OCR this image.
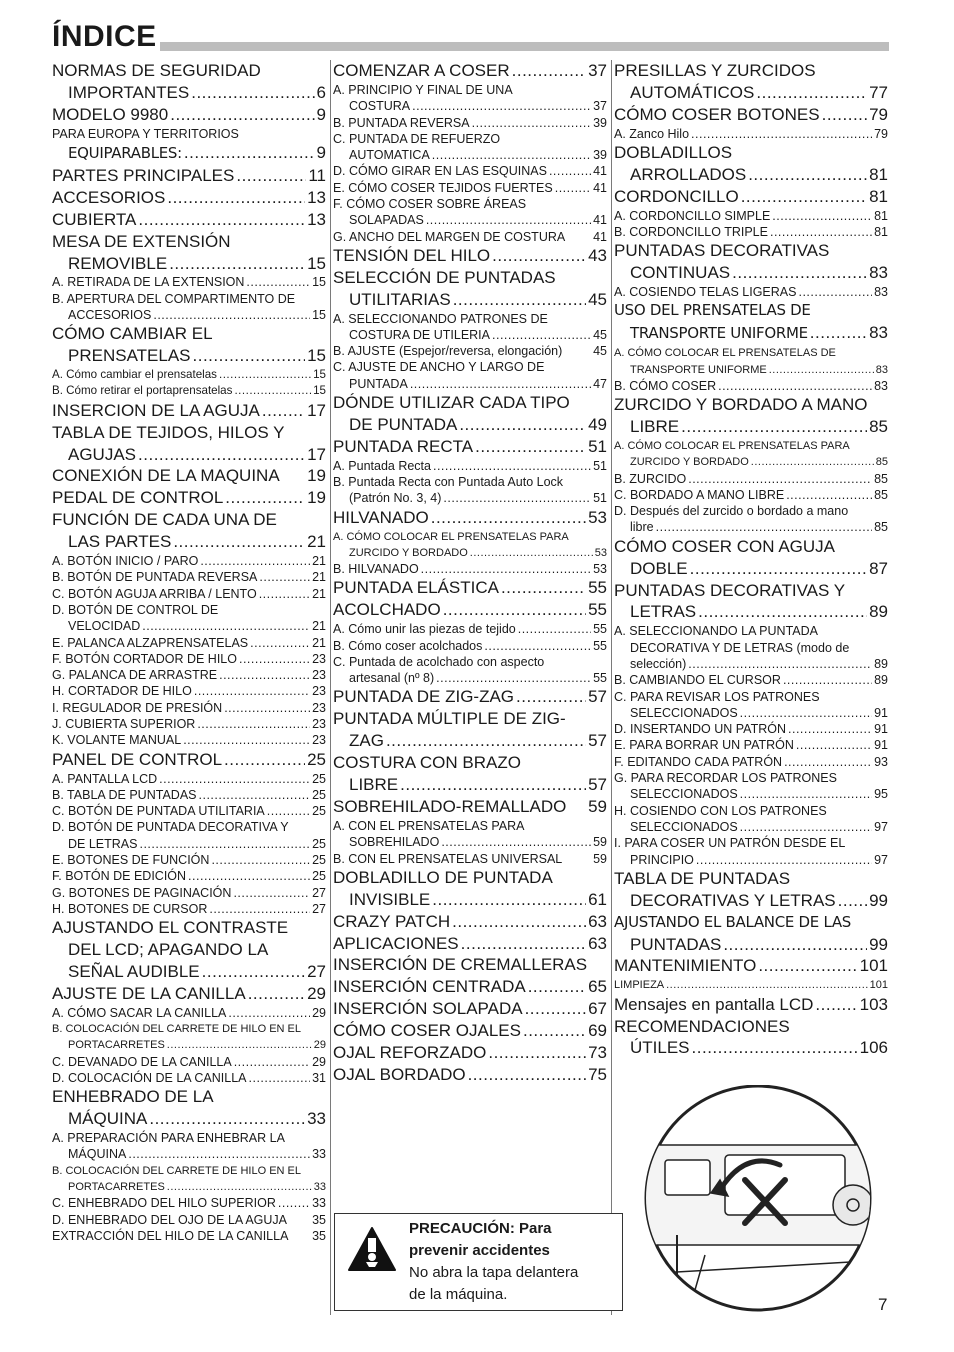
ÍNDICE
NORMAS DE SEGURIDAD
IMPORTANTES .....	6
MODELO 9980 .....	9
PARA EUROPA Y TERRITORIOS
EQUIPARABLES: .....	9
PARTES PRINCIPALES .....	11
ACCESORIOS .....	13
CUBIERTA .....	13
MESA DE EXTENSIÓN
REMOVIBLE .....	15
A. RETIRADA DE LA EXTENSION .....	15
B. APERTURA DEL COMPARTIMENTO DE
ACCESORIOS .....	15
CÓMO CAMBIAR EL
PRENSATELAS .....	15
A. Cómo cambiar el prensatelas .....	15
B. Cómo retirar el portaprensatelas .....	15
INSERCION DE LA AGUJA .....	17
TABLA DE TEJIDOS, HILOS Y
AGUJAS .....	17
CONEXIÓN DE LA MAQUINA 19
PEDAL DE CONTROL .....	19
FUNCIÓN DE CADA UNA DE
LAS PARTES .....	21
A. BOTÓN INICIO / PARO .....	21
B. BOTÓN DE PUNTADA REVERSA .....	21
C. BOTÓN AGUJA ARRIBA / LENTO .....	21
D. BOTÓN DE CONTROL DE
VELOCIDAD .....	21
E. PALANCA ALZAPRENSATELAS .....	21
F. BOTÓN CORTADOR DE HILO .....	23
G. PALANCA DE ARRASTRE .....	23
H. CORTADOR DE HILO .....	23
I. REGULADOR DE PRESIÓN .....	23
J. CUBIERTA SUPERIOR .....	23
K. VOLANTE MANUAL .....	23
PANEL DE CONTROL .....	25
A. PANTALLA LCD .....	25
B. TABLA DE PUNTADAS .....	25
C. BOTÓN DE PUNTADA UTILITARIA .....	25
D. BOTÓN DE PUNTADA DECORATIVA Y
DE LETRAS .....	25
E. BOTONES DE FUNCIÓN .....	25
F. BOTÓN DE EDICIÓN .....	25
G. BOTONES DE PAGINACIÓN .....	27
H. BOTONES DE CURSOR .....	27
AJUSTANDO EL CONTRASTE
DEL LCD; APAGANDO LA
SEÑAL AUDIBLE .....	27
AJUSTE DE LA CANILLA .....	29
A. CÓMO SACAR LA CANILLA .....	29
B. COLOCACIÓN DEL CARRETE DE HILO EN EL
PORTACARRETES .....	29
C. DEVANADO DE LA CANILLA .....	29
D. COLOCACIÓN DE LA CANILLA .....	31
ENHEBRADO DE LA
MÁQUINA .....	33
A. PREPARACIÓN PARA ENHEBRAR LA
MÁQUINA .....	33
B. COLOCACIÓN DEL CARRETE DE HILO EN EL
PORTACARRETES .....	33
C. ENHEBRADO DEL HILO SUPERIOR .....	33
D. ENHEBRADO DEL OJO DE LA AGUJA 35
EXTRACCIÓN DEL HILO DE LA CANILLA 35
COMENZAR A COSER .....	37
A. PRINCIPIO Y FINAL DE UNA
COSTURA .....	37
B. PUNTADA REVERSA .....	39
C. PUNTADA DE REFUERZO
AUTOMATICA .....	39
D. CÓMO GIRAR EN LAS ESQUINAS .....	41
E. CÓMO COSER TEJIDOS FUERTES .....	41
F. CÓMO COSER SOBRE ÁREAS
SOLAPADAS .....	41
G. ANCHO DEL MARGEN DE COSTURA 41
TENSIÓN DEL HILO .....	43
SELECCIÓN DE PUNTADAS
UTILITARIAS .....	45
A. SELECCIONANDO PATRONES DE
COSTURA DE UTILERIA .....	45
B. AJUSTE (Espejor/reversa, elongación) 45
C. AJUSTE DE ANCHO Y LARGO DE
PUNTADA .....	47
DÓNDE UTILIZAR CADA TIPO
DE PUNTADA .....	49
PUNTADA RECTA .....	51
A. Puntada Recta .....	51
B. Puntada Recta con Puntada Auto Lock
(Patrón No. 3, 4) .....	51
HILVANADO .....	53
A. CÓMO COLOCAR EL PRENSATELAS PARA
ZURCIDO Y BORDADO .....	53
B. HILVANADO .....	53
PUNTADA ELÁSTICA .....	55
ACOLCHADO .....	55
A. Cómo unir las piezas de tejido .....	55
B. Cómo coser acolchados .....	55
C. Puntada de acolchado con aspecto
artesanal (nº 8) .....	55
PUNTADA DE ZIG-ZAG .....	57
PUNTADA MÚLTIPLE DE ZIG-
ZAG .....	57
COSTURA CON BRAZO
LIBRE .....	57
SOBREHILADO-REMALLADO 59
A. CON EL PRENSATELAS PARA
SOBREHILADO .....	59
B. CON EL PRENSATELAS UNIVERSAL 59
DOBLADILLO DE PUNTADA
INVISIBLE .....	61
CRAZY PATCH .....	63
APLICACIONES .....	63
INSERCIÓN DE CREMALLERAS
INSERCIÓN CENTRADA .....	65
INSERCIÓN SOLAPADA .....	67
CÓMO COSER OJALES .....	69
OJAL REFORZADO .....	73
OJAL BORDADO .....	75
PRESILLAS Y ZURCIDOS
AUTOMÁTICOS .....	77
CÓMO COSER BOTONES .....	79
A. Zanco Hilo .....	79
DOBLADILLOS
ARROLLADOS .....	81
CORDONCILLO .....	81
A. CORDONCILLO SIMPLE .....	81
B. CORDONCILLO TRIPLE .....	81
PUNTADAS DECORATIVAS
CONTINUAS .....	83
A. COSIENDO TELAS LIGERAS .....	83
USO DEL PRENSATELAS DE
TRANSPORTE UNIFORME .....	83
A. CÓMO COLOCAR EL PRENSATELAS DE
TRANSPORTE UNIFORME .....	83
B. CÓMO COSER .....	83
ZURCIDO Y BORDADO A MANO
LIBRE .....	85
A. CÓMO COLOCAR EL PRENSATELAS PARA
ZURCIDO Y BORDADO .....	85
B. ZURCIDO .....	85
C. BORDADO A MANO LIBRE .....	85
D. Después del zurcido o bordado a mano
libre .....	85
CÓMO COSER CON AGUJA
DOBLE .....	87
PUNTADAS DECORATIVAS Y
LETRAS .....	89
A. SELECCIONANDO LA PUNTADA
DECORATIVA Y DE LETRAS (modo de
selección) .....	89
B. CAMBIANDO EL CURSOR .....	89
C. PARA REVISAR LOS PATRONES
SELECCIONADOS .....	91
D. INSERTANDO UN PATRÓN .....	91
E. PARA BORRAR UN PATRÓN .....	91
F. EDITANDO CADA PATRÓN .....	93
G. PARA RECORDAR LOS PATRONES
SELECCIONADOS .....	95
H. COSIENDO CON LOS PATRONES
SELECCIONADOS .....	97
I. PARA COSER UN PATRÓN DESDE EL
PRINCIPIO .....	97
TABLA DE PUNTADAS
DECORATIVAS Y LETRAS ..... 99
AJUSTANDO EL BALANCE DE LAS
PUNTADAS .....	99
MANTENIMIENTO .....	101
LIMPIEZA .....	101
Mensajes en pantalla LCD .....	103
RECOMENDACIONES
ÚTILES .....	106
PRECAUCIÓN: Para
prevenir accidentes
No abra la tapa delantera
de la máquina.
7
